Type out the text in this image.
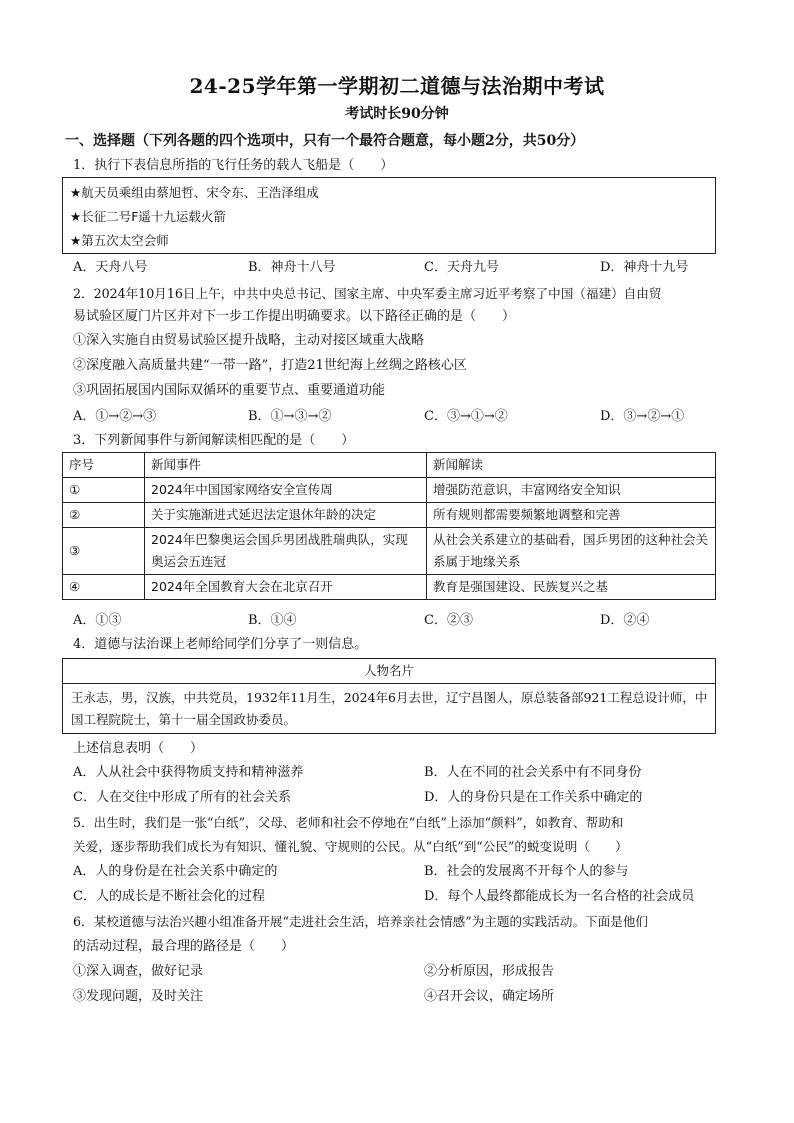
24-25学年第一学期初二道德与法治期中考试
考试时长90分钟
一、选择题（下列各题的四个选项中，只有一个最符合题意，每小题2分，共50分）
1．执行下表信息所指的飞行任务的载人飞船是（　　）
★航天员乘组由蔡旭哲、宋令东、王浩泽组成
★长征二号F遥十九运载火箭
★第五次太空会师
A．天舟八号	B．神舟十八号	C．天舟九号	D．神舟十九号
2．2024年10月16日上午，中共中央总书记、国家主席、中央军委主席习近平考察了中国（福建）自由贸
易试验区厦门片区并对下一步工作提出明确要求。以下路径正确的是（　　）
①深入实施自由贸易试验区提升战略，主动对接区域重大战略
②深度融入高质量共建“一带一路”，打造21世纪海上丝绸之路核心区
③巩固拓展国内国际双循环的重要节点、重要通道功能
A．①→②→③	B．①→③→②	C．③→①→②	D．③→②→①
3．下列新闻事件与新闻解读相匹配的是（　　）
序号	新闻事件	新闻解读
①	2024年中国国家网络安全宣传周	增强防范意识，丰富网络安全知识
②	关于实施渐进式延迟法定退休年龄的决定	所有规则都需要频繁地调整和完善
③	2024年巴黎奥运会国乒男团战胜瑞典队，实现奥运会五连冠	从社会关系建立的基础看，国乒男团的这种社会关系属于地缘关系
④	2024年全国教育大会在北京召开	教育是强国建设、民族复兴之基
A．①③	B．①④	C．②③	D．②④
4．道德与法治课上老师给同学们分享了一则信息。
人物名片
王永志，男，汉族，中共党员，1932年11月生，2024年6月去世，辽宁昌图人，原总装备部921工程总设计师，中国工程院院士，第十一届全国政协委员。
上述信息表明（　　）
A．人从社会中获得物质支持和精神滋养	B．人在不同的社会关系中有不同身份
C．人在交往中形成了所有的社会关系	D．人的身份只是在工作关系中确定的
5．出生时，我们是一张“白纸”，父母、老师和社会不停地在“白纸”上添加“颜料”，如教育、帮助和
关爱，逐步帮助我们成长为有知识、懂礼貌、守规则的公民。从“白纸”到“公民”的蜕变说明（　　）
A．人的身份是在社会关系中确定的	B．社会的发展离不开每个人的参与
C．人的成长是不断社会化的过程	D．每个人最终都能成长为一名合格的社会成员
6．某校道德与法治兴趣小组准备开展“走进社会生活，培养亲社会情感”为主题的实践活动。下面是他们
的活动过程，最合理的路径是（　　）
①深入调查，做好记录	②分析原因，形成报告
③发现问题，及时关注	④召开会议，确定场所
